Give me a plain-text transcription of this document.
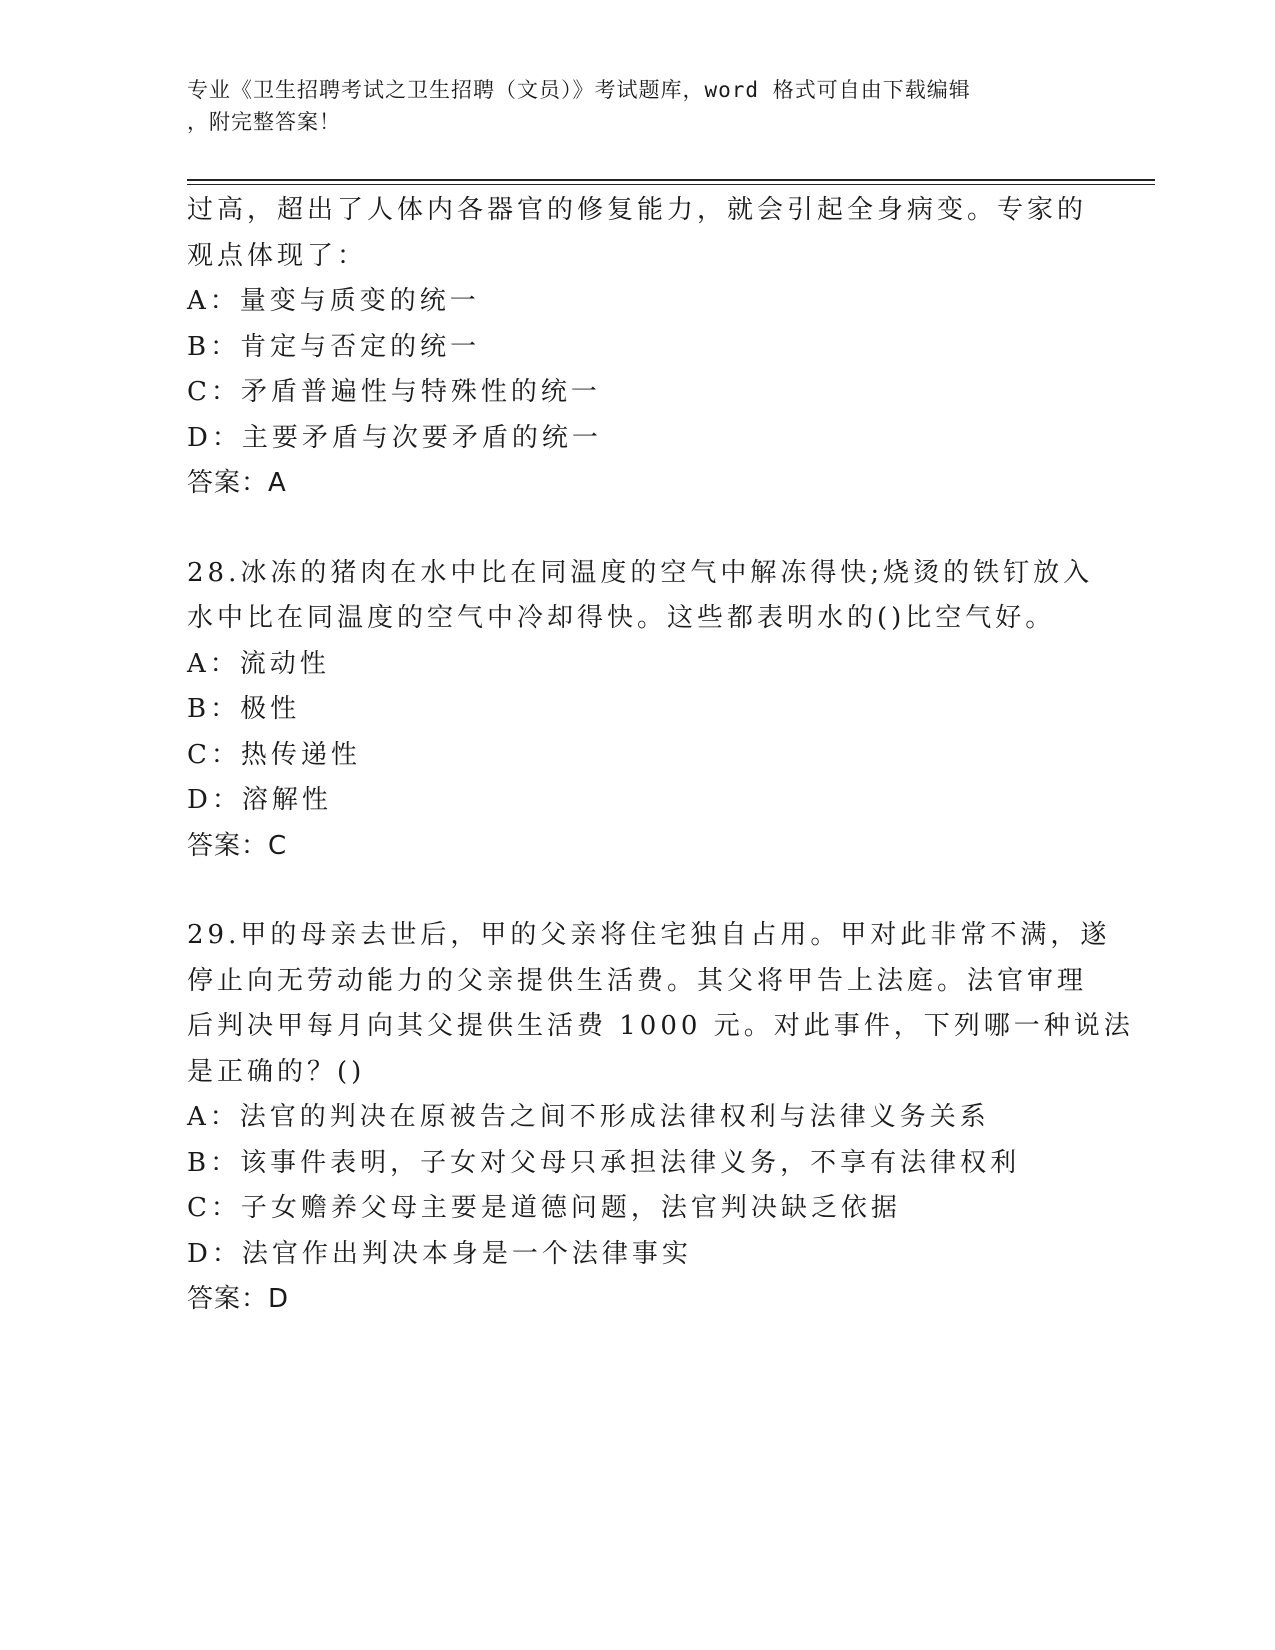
专业《卫生招聘考试之卫生招聘（文员）》考试题库，word 格式可自由下载编辑
，附完整答案！
过高，超出了人体内各器官的修复能力，就会引起全身病变。专家的
观点体现了：
A：量变与质变的统一
B：肯定与否定的统一
C：矛盾普遍性与特殊性的统一
D：主要矛盾与次要矛盾的统一
答案：A
28.冰冻的猪肉在水中比在同温度的空气中解冻得快;烧烫的铁钉放入
水中比在同温度的空气中冷却得快。这些都表明水的()比空气好。
A：流动性
B：极性
C：热传递性
D：溶解性
答案：C
29.甲的母亲去世后，甲的父亲将住宅独自占用。甲对此非常不满，遂
停止向无劳动能力的父亲提供生活费。其父将甲告上法庭。法官审理
后判决甲每月向其父提供生活费 1000 元。对此事件，下列哪一种说法
是正确的？()
A：法官的判决在原被告之间不形成法律权利与法律义务关系
B：该事件表明，子女对父母只承担法律义务，不享有法律权利
C：子女赡养父母主要是道德问题，法官判决缺乏依据
D：法官作出判决本身是一个法律事实
答案：D
